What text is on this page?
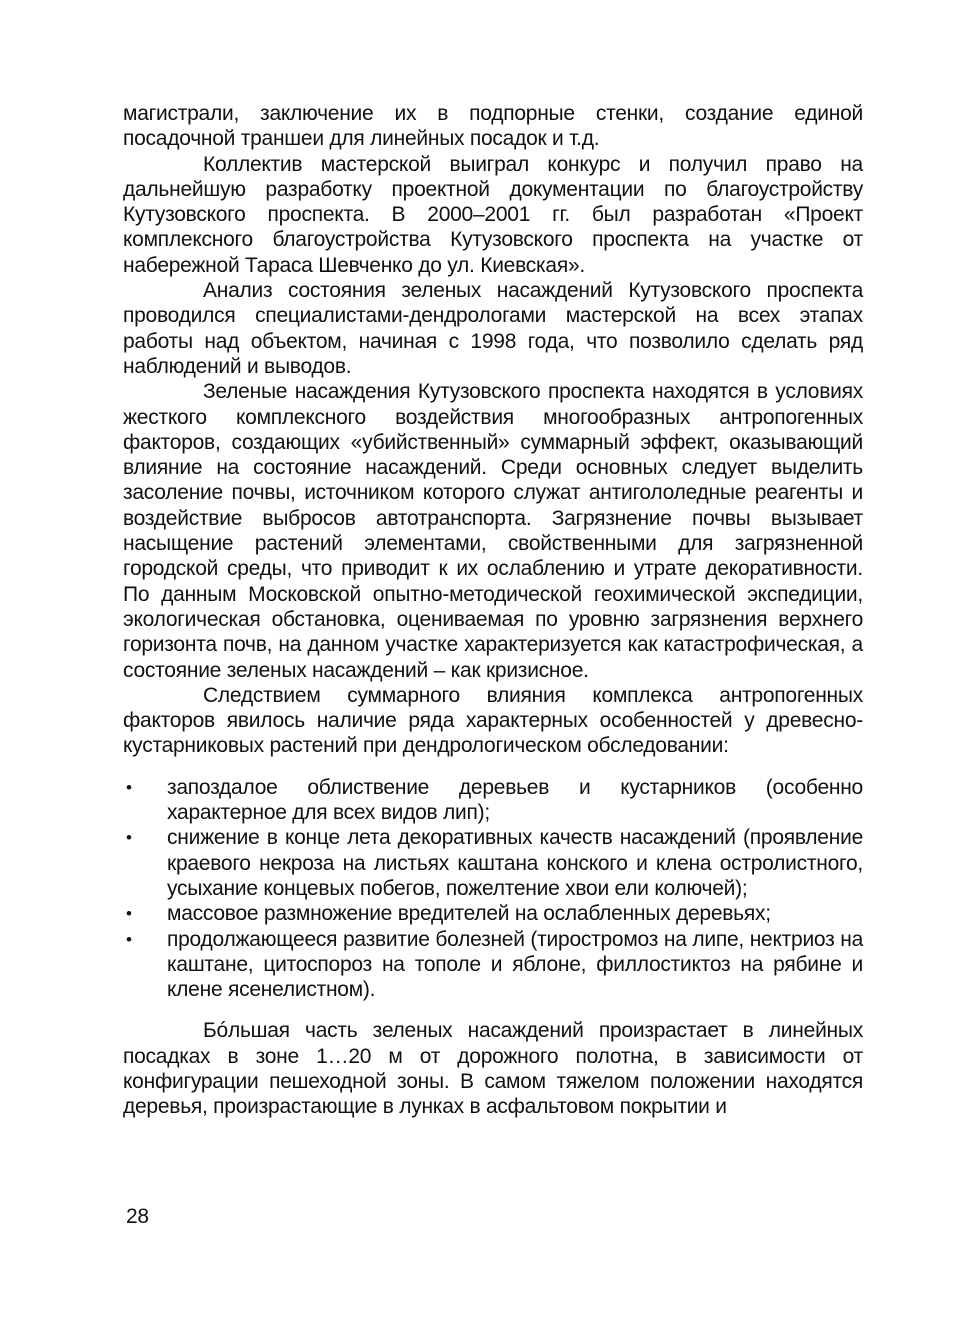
магистрали, заключение их в подпорные стенки, создание единой посадочной траншеи для линейных посадок и т.д.

Коллектив мастерской выиграл конкурс и получил право на дальнейшую разработку проектной документации по благоустройству Кутузовского проспекта. В 2000–2001 гг. был разработан «Проект комплексного благоустройства Кутузовского проспекта на участке от набережной Тараса Шевченко до ул. Киевская».

Анализ состояния зеленых насаждений Кутузовского проспекта проводился специалистами-дендрологами мастерской на всех этапах работы над объектом, начиная с 1998 года, что позволило сделать ряд наблюдений и выводов.

Зеленые насаждения Кутузовского проспекта находятся в условиях жесткого комплексного воздействия многообразных антропогенных факторов, создающих «убийственный» суммарный эффект, оказывающий влияние на состояние насаждений. Среди основных следует выделить засоление почвы, источником которого служат антигололедные реагенты и воздействие выбросов автотранспорта. Загрязнение почвы вызывает насыщение растений элементами, свойственными для загрязненной городской среды, что приводит к их ослаблению и утрате декоративности. По данным Московской опытно-методической геохимической экспедиции, экологическая обстановка, оцениваемая по уровню загрязнения верхнего горизонта почв, на данном участке характеризуется как катастрофическая, а состояние зеленых насаждений – как кризисное.

Следствием суммарного влияния комплекса антропогенных факторов явилось наличие ряда характерных особенностей у древесно-кустарниковых растений при дендрологическом обследовании:

• запоздалое облиствение деревьев и кустарников (особенно характерное для всех видов лип);
• снижение в конце лета декоративных качеств насаждений (проявление краевого некроза на листьях каштана конского и клена остролистного, усыхание концевых побегов, пожелтение хвои ели колючей);
• массовое размножение вредителей на ослабленных деревьях;
• продолжающееся развитие болезней (тиростромоз на липе, нектриоз на каштане, цитоспороз на тополе и яблоне, филлостиктоз на рябине и клене ясенелистном).

Бóльшая часть зеленых насаждений произрастает в линейных посадках в зоне 1…20 м от дорожного полотна, в зависимости от конфигурации пешеходной зоны. В самом тяжелом положении находятся деревья, произрастающие в лунках в асфальтовом покрытии и

28
